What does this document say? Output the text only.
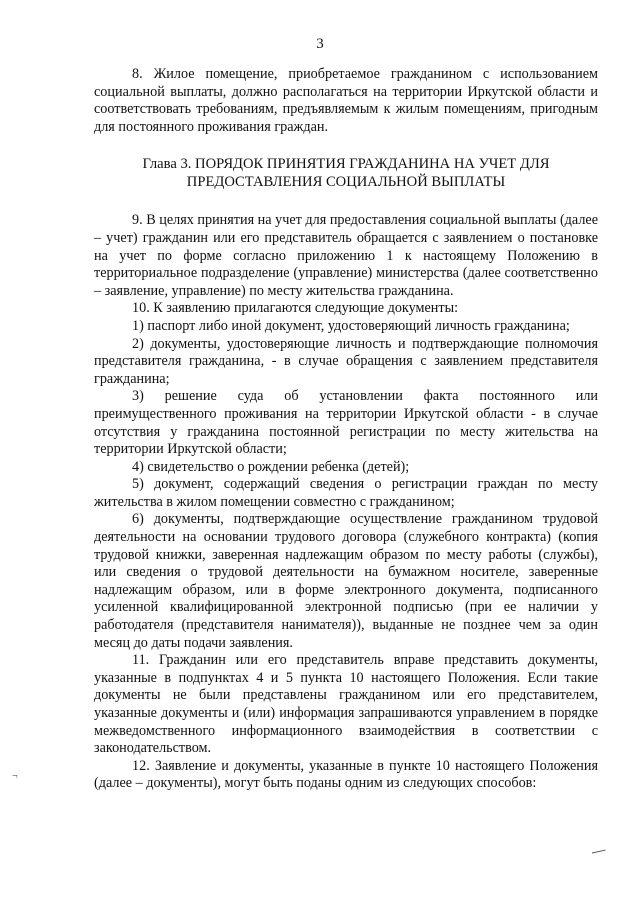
3

8. Жилое помещение, приобретаемое гражданином с использованием социальной выплаты, должно располагаться на территории Иркутской области и соответствовать требованиям, предъявляемым к жилым помещениям, пригодным для постоянного проживания граждан.

Глава 3. ПОРЯДОК ПРИНЯТИЯ ГРАЖДАНИНА НА УЧЕТ ДЛЯ
ПРЕДОСТАВЛЕНИЯ СОЦИАЛЬНОЙ ВЫПЛАТЫ

9. В целях принятия на учет для предоставления социальной выплаты (далее – учет) гражданин или его представитель обращается с заявлением о постановке на учет по форме согласно приложению 1 к настоящему Положению в территориальное подразделение (управление) министерства (далее соответственно – заявление, управление) по месту жительства гражданина.

10. К заявлению прилагаются следующие документы:

1) паспорт либо иной документ, удостоверяющий личность гражданина;

2) документы, удостоверяющие личность и подтверждающие полномочия представителя гражданина, - в случае обращения с заявлением представителя гражданина;

3) решение суда об установлении факта постоянного или преимущественного проживания на территории Иркутской области - в случае отсутствия у гражданина постоянной регистрации по месту жительства на территории Иркутской области;

4) свидетельство о рождении ребенка (детей);

5) документ, содержащий сведения о регистрации граждан по месту жительства в жилом помещении совместно с гражданином;

6) документы, подтверждающие осуществление гражданином трудовой деятельности на основании трудового договора (служебного контракта) (копия трудовой книжки, заверенная надлежащим образом по месту работы (службы), или сведения о трудовой деятельности на бумажном носителе, заверенные надлежащим образом, или в форме электронного документа, подписанного усиленной квалифицированной электронной подписью (при ее наличии у работодателя (представителя нанимателя)), выданные не позднее чем за один месяц до даты подачи заявления.

11. Гражданин или его представитель вправе представить документы, указанные в подпунктах 4 и 5 пункта 10 настоящего Положения. Если такие документы не были представлены гражданином или его представителем, указанные документы и (или) информация запрашиваются управлением в порядке межведомственного информационного взаимодействия в соответствии с законодательством.

12. Заявление и документы, указанные в пункте 10 настоящего Положения (далее – документы), могут быть поданы одним из следующих способов:

¬
